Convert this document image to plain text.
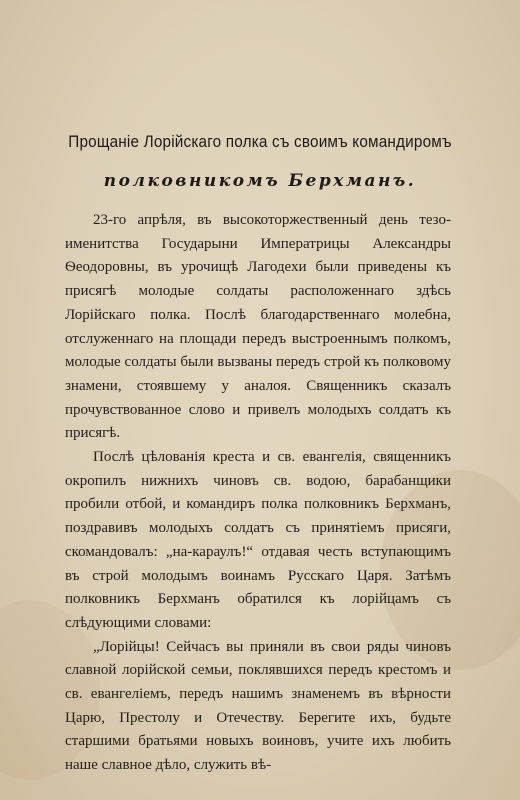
Прощаніе Лорійскаго полка съ своимъ командиромъ
полковникомъ Берхманъ.

23-го апрѣля, въ высокоторжественный день тезоименитства Государыни Императрицы Александры Ѳеодоровны, въ урочищѣ Лагодехи были приведены къ присягѣ молодые солдаты расположеннаго здѣсь Лорійскаго полка. Послѣ благодарственнаго молебна, отслуженнаго на площади передъ выстроеннымъ полкомъ, молодые солдаты были вызваны передъ строй къ полковому знамени, стоявшему у аналоя. Священникъ сказалъ прочувствованное слово и привелъ молодыхъ солдатъ къ присягѣ.

Послѣ цѣлованія креста и св. евангелія, священникъ окропилъ нижнихъ чиновъ св. водою, барабанщики пробили отбой, и командиръ полка полковникъ Берхманъ, поздравивъ молодыхъ солдатъ съ принятіемъ присяги, скомандовалъ: „на-караулъ!“ отдавая честь вступающимъ въ строй молодымъ воинамъ Русскаго Царя. Затѣмъ полковникъ Берхманъ обратился къ лорійцамъ съ слѣдующими словами:

„Лорійцы! Сейчасъ вы приняли въ свои ряды чиновъ славной лорійской семьи, поклявшихся передъ крестомъ и св. евангеліемъ, передъ нашимъ знаменемъ въ вѣрности Царю, Престолу и Отечеству. Берегите ихъ, будьте старшими братьями новыхъ воиновъ, учите ихъ любить наше славное дѣло, служить вѣ-
